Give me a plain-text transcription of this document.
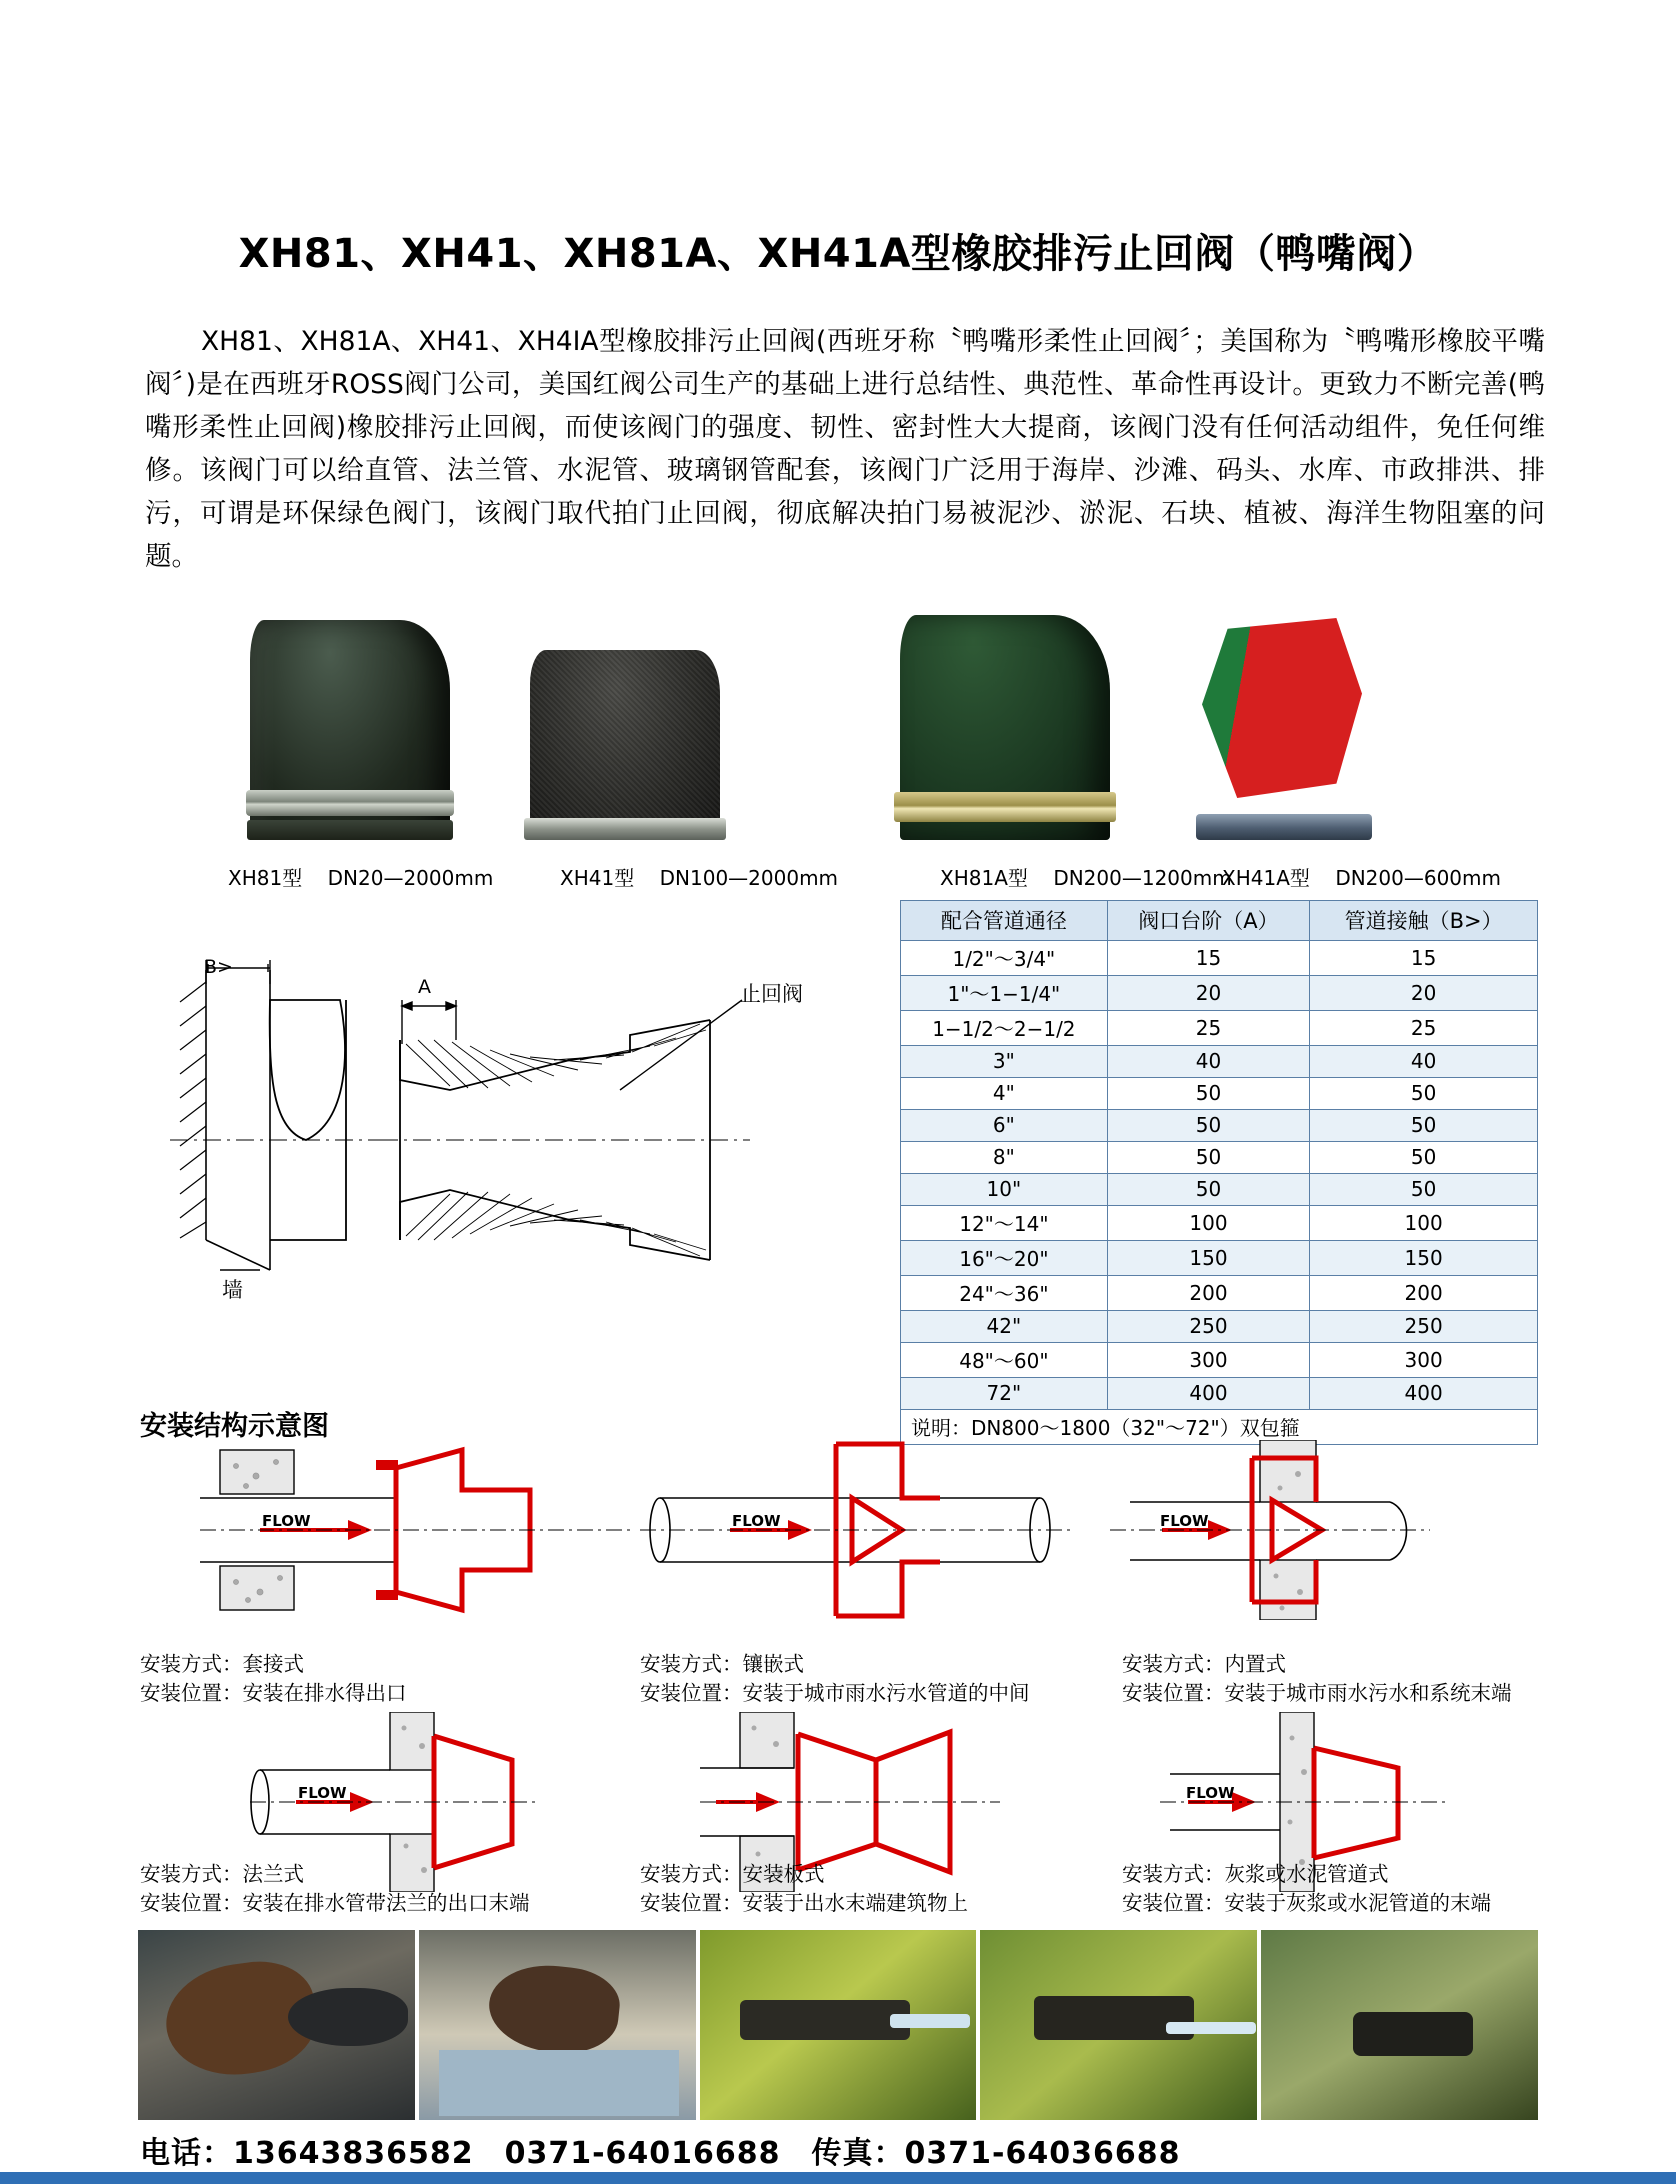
XH81、XH41、XH81A、XH41A型橡胶排污止回阀（鸭嘴阀）
XH81、XH81A、XH41、XH4IA型橡胶排污止回阀(西班牙称〝鸭嘴形柔性止回阀〞；美国称为〝鸭嘴形橡胶平嘴阀〞)是在西班牙ROSS阀门公司，美国红阀公司生产的基础上进行总结性、典范性、革命性再设计。更致力不断完善(鸭嘴形柔性止回阀)橡胶排污止回阀，而使该阀门的强度、韧性、密封性大大提商，该阀门没有任何活动组件，免任何维修。该阀门可以给直管、法兰管、水泥管、玻璃钢管配套，该阀门广泛用于海岸、沙滩、码头、水库、市政排洪、排污，可谓是环保绿色阀门，该阀门取代拍门止回阀，彻底解决拍门易被泥沙、淤泥、石块、植被、海洋生物阻塞的问题。
XH81型 DN20—2000mm	XH41型 DN100—2000mm	XH81A型 DN200—1200mm
XH41A型 DN200—600mm
B>
A	止回阀
墙
配合管道通径	阀口台阶（A）	管道接触（B>）
1/2"～3/4"	15	15
1"～1−1/4"	20	20
1−1/2～2−1/2	25	25
3"	40	40
4"	50	50
6"	50	50
8"	50	50
10"	50	50
12"～14"	100	100
16"～20"	150	150
24"～36"	200	200
42"	250	250
48"～60"	300	300
72"	400	400
说明：DN800～1800（32"～72"）双包箍		
安装结构示意图
FLOW	FLOW	FLOW
安装方式：套接式
安装位置：安装在排水得出口
安装方式：镶嵌式
安装位置：安装于城市雨水污水管道的中间
安装方式：内置式
安装位置：安装于城市雨水污水和系统末端
FLOW	FLOW
安装方式：法兰式
安装位置：安装在排水管带法兰的出口末端
安装方式：安装板式
安装位置：安装于出水末端建筑物上
安装方式：灰浆或水泥管道式
安装位置：安装于灰浆或水泥管道的末端
电话：13643836582　0371-64016688　传真：0371-64036688
